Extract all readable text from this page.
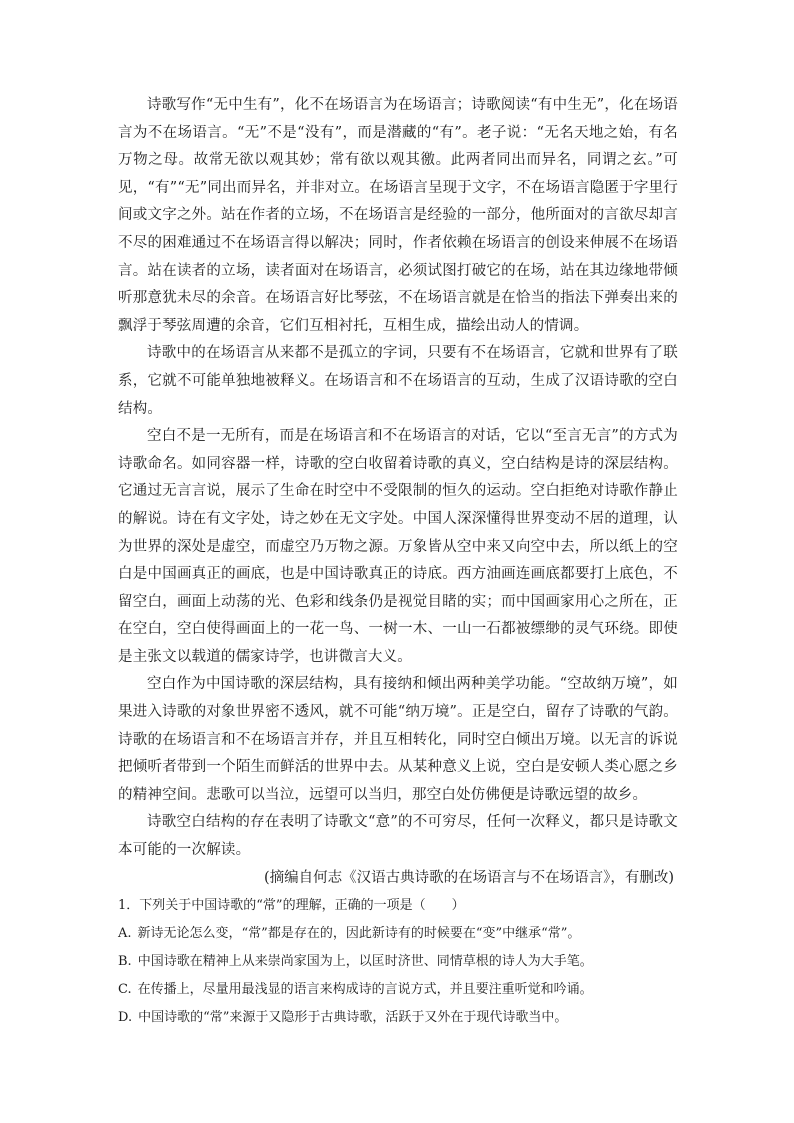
诗歌写作“无中生有”，化不在场语言为在场语言；诗歌阅读“有中生无”，化在场语言为不在场语言。“无”不是“没有”，而是潜藏的“有”。老子说：“无名天地之始，有名万物之母。故常无欲以观其妙；常有欲以观其徼。此两者同出而异名，同谓之玄。”可见，“有”“无”同出而异名，并非对立。在场语言呈现于文字，不在场语言隐匿于字里行间或文字之外。站在作者的立场，不在场语言是经验的一部分，他所面对的言欲尽却言不尽的困难通过不在场语言得以解决；同时，作者依赖在场语言的创设来伸展不在场语言。站在读者的立场，读者面对在场语言，必须试图打破它的在场，站在其边缘地带倾听那意犹未尽的余音。在场语言好比琴弦，不在场语言就是在恰当的指法下弹奏出来的飘浮于琴弦周遭的余音，它们互相衬托，互相生成，描绘出动人的情调。

诗歌中的在场语言从来都不是孤立的字词，只要有不在场语言，它就和世界有了联系，它就不可能单独地被释义。在场语言和不在场语言的互动，生成了汉语诗歌的空白结构。

空白不是一无所有，而是在场语言和不在场语言的对话，它以“至言无言”的方式为诗歌命名。如同容器一样，诗歌的空白收留着诗歌的真义，空白结构是诗的深层结构。它通过无言言说，展示了生命在时空中不受限制的恒久的运动。空白拒绝对诗歌作静止的解说。诗在有文字处，诗之妙在无文字处。中国人深深懂得世界变动不居的道理，认为世界的深处是虚空，而虚空乃万物之源。万象皆从空中来又向空中去，所以纸上的空白是中国画真正的画底，也是中国诗歌真正的诗底。西方油画连画底都要打上底色，不留空白，画面上动荡的光、色彩和线条仍是视觉目睹的实；而中国画家用心之所在，正在空白，空白使得画面上的一花一鸟、一树一木、一山一石都被缥缈的灵气环绕。即使是主张文以载道的儒家诗学，也讲微言大义。

空白作为中国诗歌的深层结构，具有接纳和倾出两种美学功能。“空故纳万境”，如果进入诗歌的对象世界密不透风，就不可能“纳万境”。正是空白，留存了诗歌的气韵。诗歌的在场语言和不在场语言并存，并且互相转化，同时空白倾出万境。以无言的诉说把倾听者带到一个陌生而鲜活的世界中去。从某种意义上说，空白是安顿人类心愿之乡的精神空间。悲歌可以当泣，远望可以当归，那空白处仿佛便是诗歌远望的故乡。

诗歌空白结构的存在表明了诗歌文“意”的不可穷尽，任何一次释义，都只是诗歌文本可能的一次解读。

(摘编自何志《汉语古典诗歌的在场语言与不在场语言》，有删改)

1．下列关于中国诗歌的“常”的理解，正确的一项是（　　）

A. 新诗无论怎么变，“常”都是存在的，因此新诗有的时候要在“变”中继承“常”。

B. 中国诗歌在精神上从来崇尚家国为上，以匡时济世、同情草根的诗人为大手笔。

C. 在传播上，尽量用最浅显的语言来构成诗的言说方式，并且要注重听觉和吟诵。

D. 中国诗歌的“常”来源于又隐形于古典诗歌，活跃于又外在于现代诗歌当中。
